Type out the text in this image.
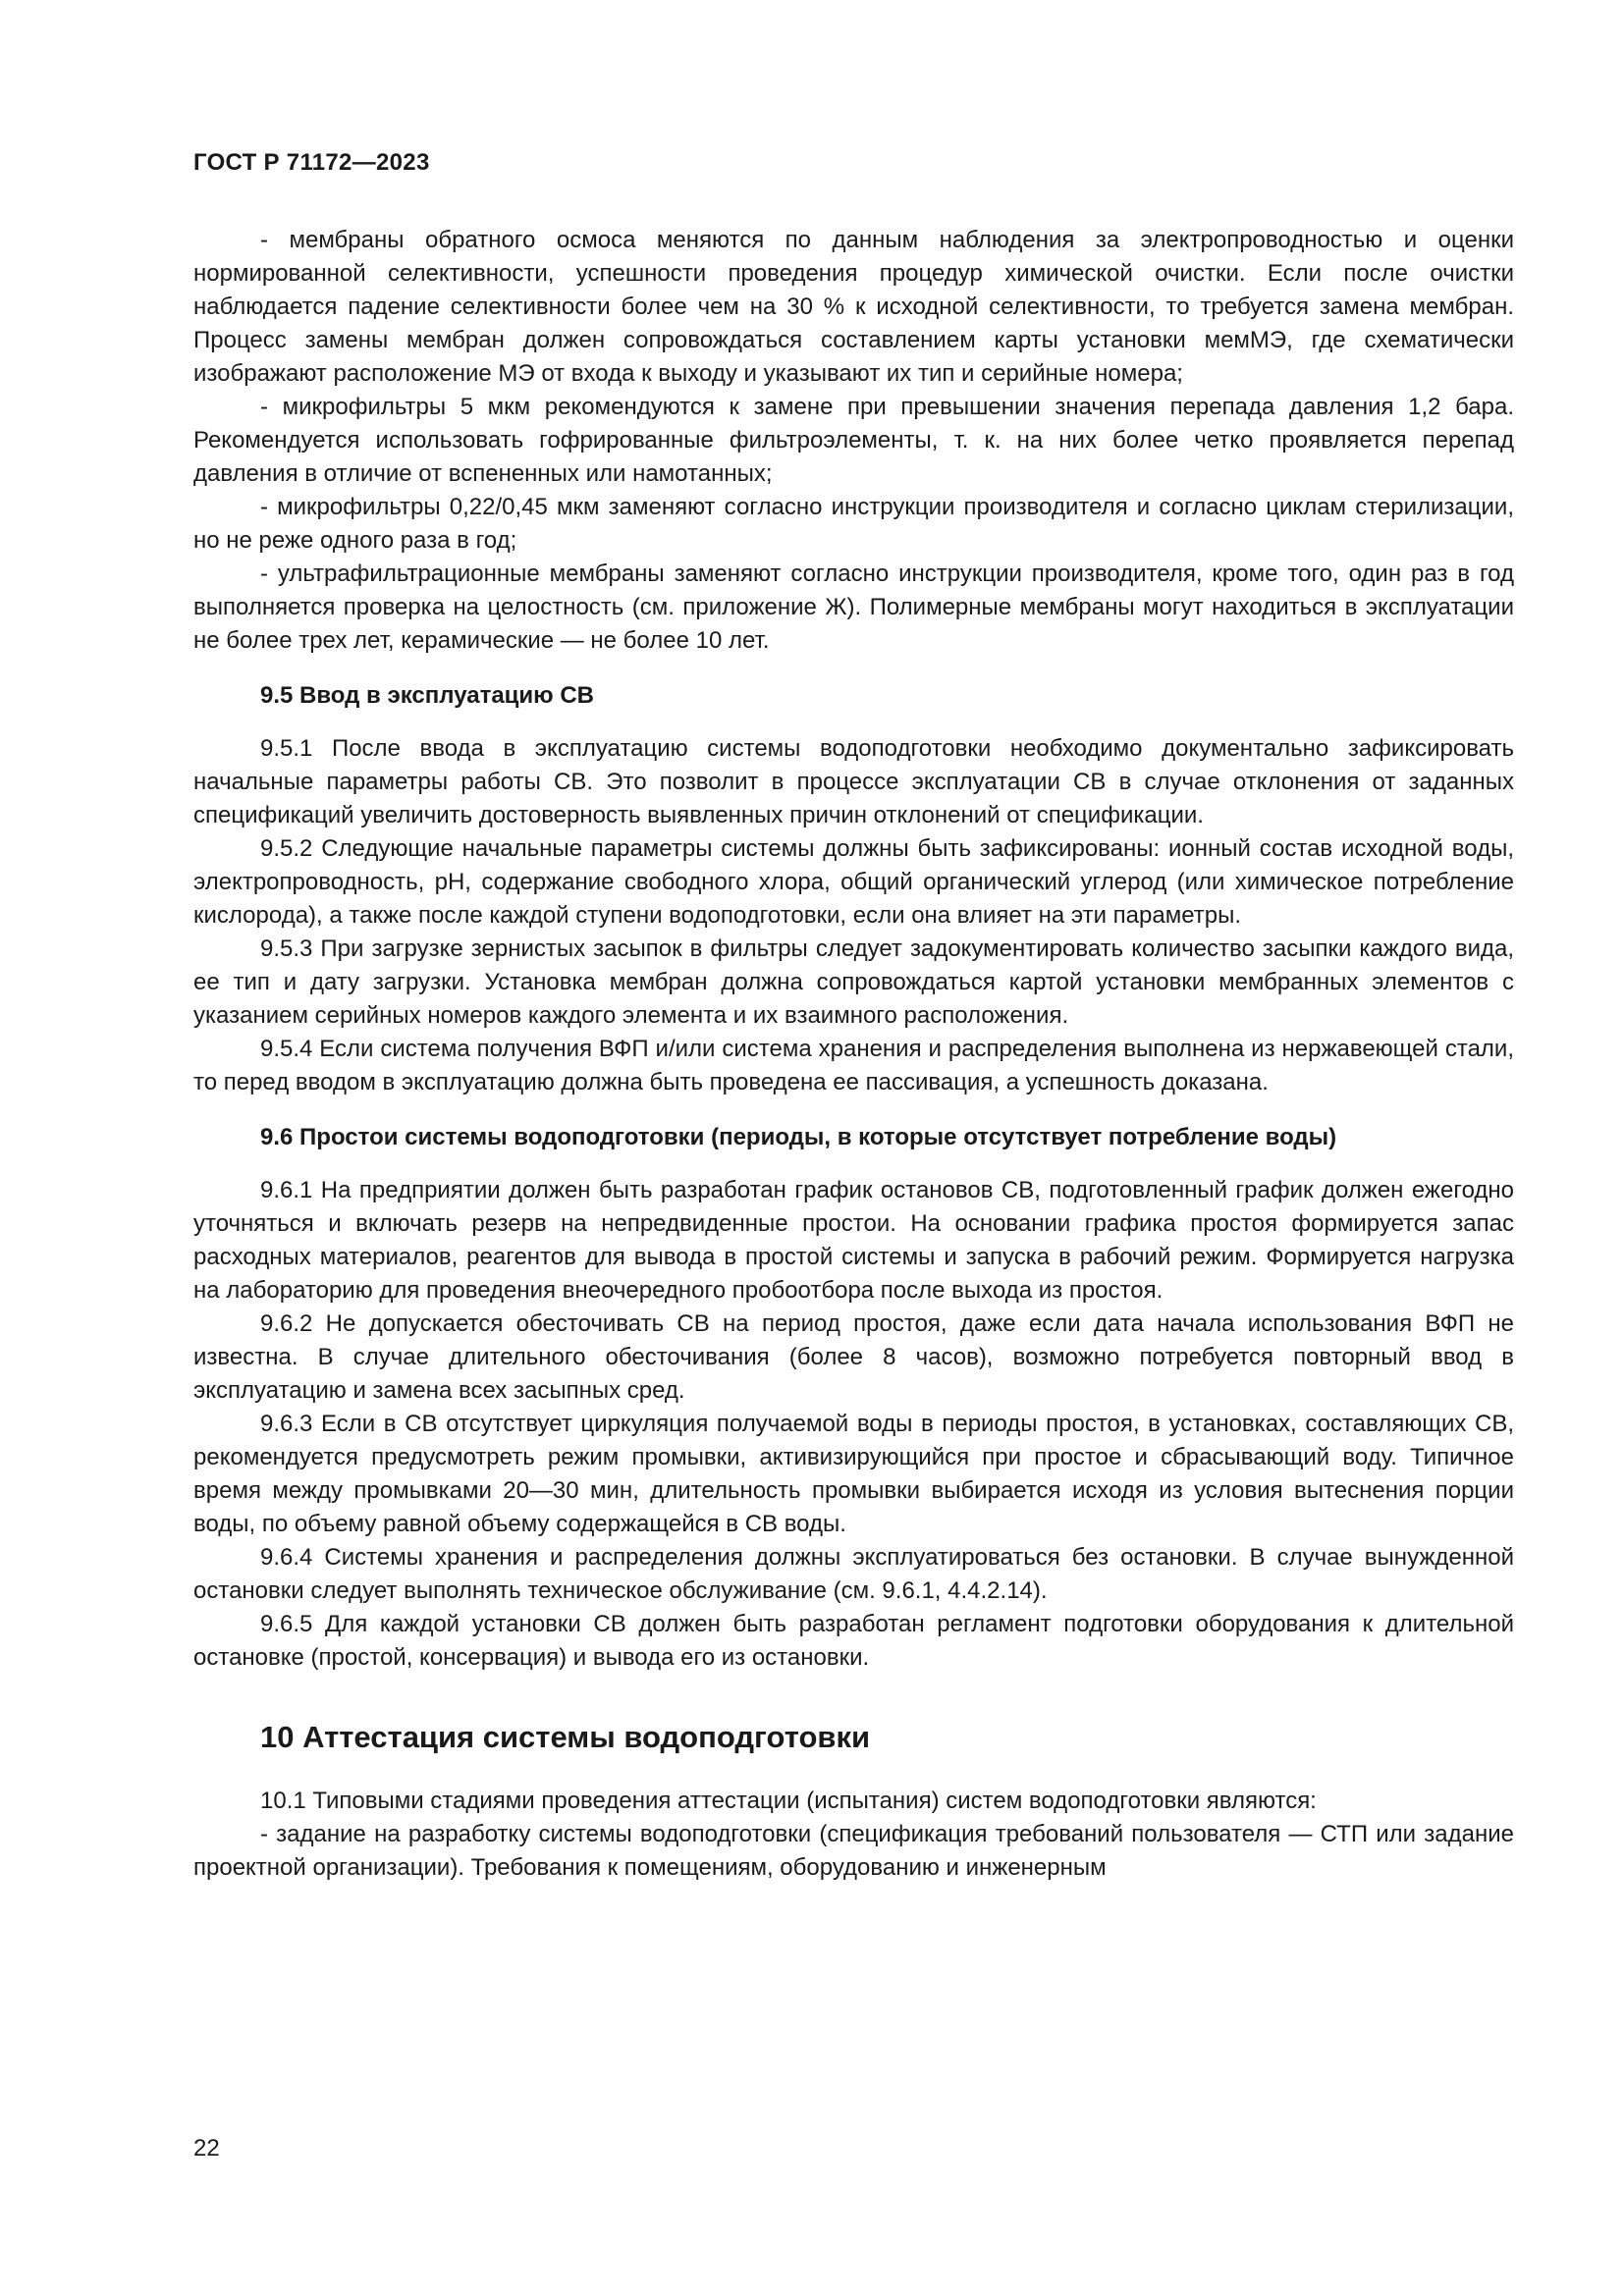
ГОСТ Р 71172—2023

- мембраны обратного осмоса меняются по данным наблюдения за электропроводностью и оценки нормированной селективности, успешности проведения процедур химической очистки. Если после очистки наблюдается падение селективности более чем на 30 % к исходной селективности, то требуется замена мембран. Процесс замены мембран должен сопровождаться составлением карты установки мемМЭ, где схематически изображают расположение МЭ от входа к выходу и указывают их тип и серийные номера;

- микрофильтры 5 мкм рекомендуются к замене при превышении значения перепада давления 1,2 бара. Рекомендуется использовать гофрированные фильтроэлементы, т. к. на них более четко проявляется перепад давления в отличие от вспененных или намотанных;

- микрофильтры 0,22/0,45 мкм заменяют согласно инструкции производителя и согласно циклам стерилизации, но не реже одного раза в год;

- ультрафильтрационные мембраны заменяют согласно инструкции производителя, кроме того, один раз в год выполняется проверка на целостность (см. приложение Ж). Полимерные мембраны могут находиться в эксплуатации не более трех лет, керамические — не более 10 лет.

9.5 Ввод в эксплуатацию СВ

9.5.1 После ввода в эксплуатацию системы водоподготовки необходимо документально зафиксировать начальные параметры работы СВ. Это позволит в процессе эксплуатации СВ в случае отклонения от заданных спецификаций увеличить достоверность выявленных причин отклонений от спецификации.

9.5.2 Следующие начальные параметры системы должны быть зафиксированы: ионный состав исходной воды, электропроводность, pH, содержание свободного хлора, общий органический углерод (или химическое потребление кислорода), а также после каждой ступени водоподготовки, если она влияет на эти параметры.

9.5.3 При загрузке зернистых засыпок в фильтры следует задокументировать количество засыпки каждого вида, ее тип и дату загрузки. Установка мембран должна сопровождаться картой установки мембранных элементов с указанием серийных номеров каждого элемента и их взаимного расположения.

9.5.4 Если система получения ВФП и/или система хранения и распределения выполнена из нержавеющей стали, то перед вводом в эксплуатацию должна быть проведена ее пассивация, а успешность доказана.

9.6 Простои системы водоподготовки (периоды, в которые отсутствует потребление воды)

9.6.1 На предприятии должен быть разработан график остановов СВ, подготовленный график должен ежегодно уточняться и включать резерв на непредвиденные простои. На основании графика простоя формируется запас расходных материалов, реагентов для вывода в простой системы и запуска в рабочий режим. Формируется нагрузка на лабораторию для проведения внеочередного пробоотбора после выхода из простоя.

9.6.2 Не допускается обесточивать СВ на период простоя, даже если дата начала использования ВФП не известна. В случае длительного обесточивания (более 8 часов), возможно потребуется повторный ввод в эксплуатацию и замена всех засыпных сред.

9.6.3 Если в СВ отсутствует циркуляция получаемой воды в периоды простоя, в установках, составляющих СВ, рекомендуется предусмотреть режим промывки, активизирующийся при простое и сбрасывающий воду. Типичное время между промывками 20—30 мин, длительность промывки выбирается исходя из условия вытеснения порции воды, по объему равной объему содержащейся в СВ воды.

9.6.4 Системы хранения и распределения должны эксплуатироваться без остановки. В случае вынужденной остановки следует выполнять техническое обслуживание (см. 9.6.1, 4.4.2.14).

9.6.5 Для каждой установки СВ должен быть разработан регламент подготовки оборудования к длительной остановке (простой, консервация) и вывода его из остановки.

10 Аттестация системы водоподготовки

10.1 Типовыми стадиями проведения аттестации (испытания) систем водоподготовки являются:

- задание на разработку системы водоподготовки (спецификация требований пользователя — СТП или задание проектной организации). Требования к помещениям, оборудованию и инженерным

22
